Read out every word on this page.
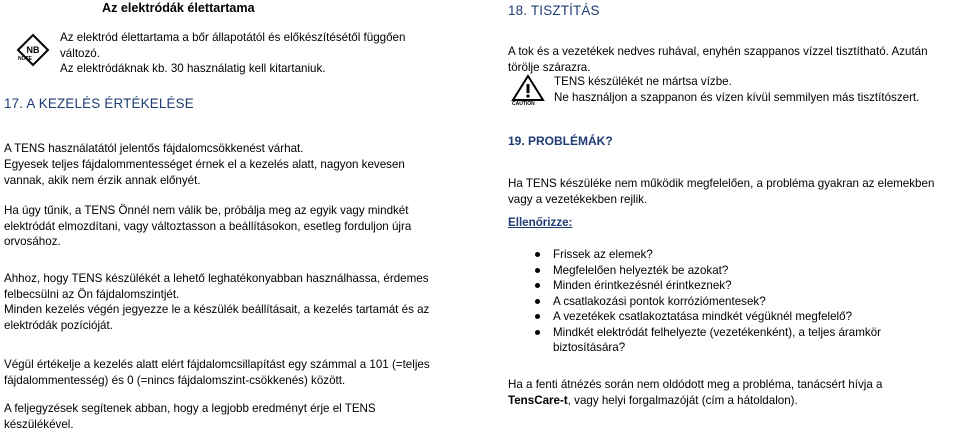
Az elektródák élettartama
NB
NOTE
Az elektród élettartama a bőr állapotától és előkészítésétől függően
változó.
Az elektródáknak kb. 30 használatig kell kitartaniuk.
17. A KEZELÉS ÉRTÉKELÉSE

A TENS használatától jelentős fájdalomcsökkenést várhat.

Egyesek teljes fájdalommentességet érnek el a kezelés alatt, nagyon kevesen vannak, akik nem érzik annak előnyét.

Ha úgy tűnik, a TENS Önnél nem válik be, próbálja meg az egyik vagy mindkét elektródát elmozdítani, vagy változtasson a beállításokon, esetleg forduljon újra orvosához.

Ahhoz, hogy TENS készülékét a lehető leghatékonyabban használhassa, érdemes felbecsülni az Ön fájdalomszintjét.

Minden kezelés végén jegyezze le a készülék beállításait, a kezelés tartamát és az elektródák pozícióját.

Végül értékelje a kezelés alatt elért fájdalomcsillapítást egy számmal a 101 (=teljes fájdalommentesség) és 0 (=nincs fájdalomszint-csökkenés) között.

A feljegyzések segítenek abban, hogy a legjobb eredményt érje el TENS készülékével.

18. TISZTÍTÁS

A tok és a vezetékek nedves ruhával, enyhén szappanos vízzel tisztítható. Azután törölje szárazra.

CAUTION
TENS készülékét ne mártsa vízbe.
Ne használjon a szappanon és vízen kívül semmilyen más tisztítószert.
19. PROBLÉMÁK?

Ha TENS készüléke nem működik megfelelően, a probléma gyakran az elemekben vagy a vezetékekben rejlik.

Ellenőrizze:
Frissek az elemek?
Megfelelően helyezték be azokat?
Minden érintkezésnél érintkeznek?
A csatlakozási pontok korróziómentesek?
A vezetékek csatlakoztatása mindkét végüknél megfelelő?
Mindkét elektródát felhelyezte (vezetékenként), a teljes áramkör biztosítására?

Ha a fenti átnézés során nem oldódott meg a probléma, tanácsért hívja a TensCare-t, vagy helyi forgalmazóját (cím a hátoldalon).
